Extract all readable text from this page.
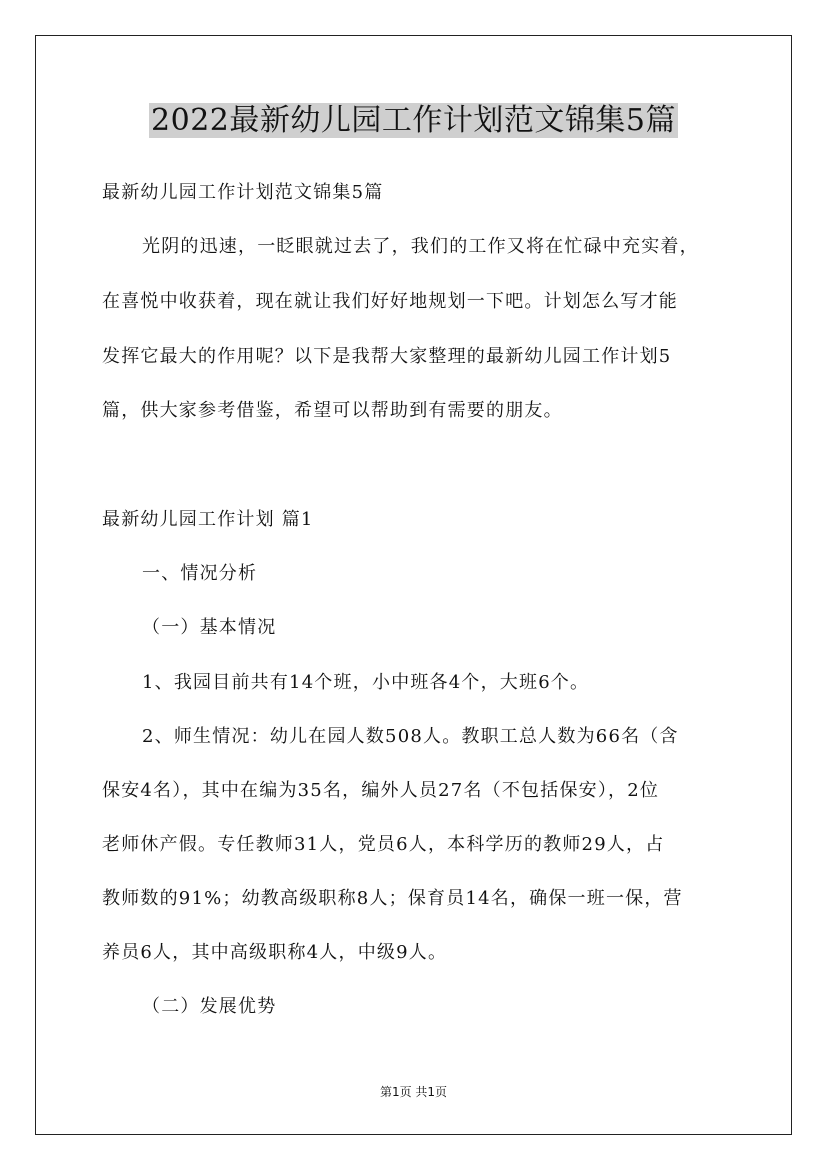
2022最新幼儿园工作计划范文锦集5篇
最新幼儿园工作计划范文锦集5篇
光阴的迅速，一眨眼就过去了，我们的工作又将在忙碌中充实着，
在喜悦中收获着，现在就让我们好好地规划一下吧。计划怎么写才能
发挥它最大的作用呢？以下是我帮大家整理的最新幼儿园工作计划5
篇，供大家参考借鉴，希望可以帮助到有需要的朋友。
最新幼儿园工作计划 篇1
一、情况分析
（一）基本情况
1、我园目前共有14个班，小中班各4个，大班6个。
2、师生情况：幼儿在园人数508人。教职工总人数为66名（含
保安4名），其中在编为35名，编外人员27名（不包括保安），2位
老师休产假。专任教师31人，党员6人，本科学历的教师29人，占
教师数的91%；幼教高级职称8人；保育员14名，确保一班一保，营
养员6人，其中高级职称4人，中级9人。
（二）发展优势
第1页 共1页
